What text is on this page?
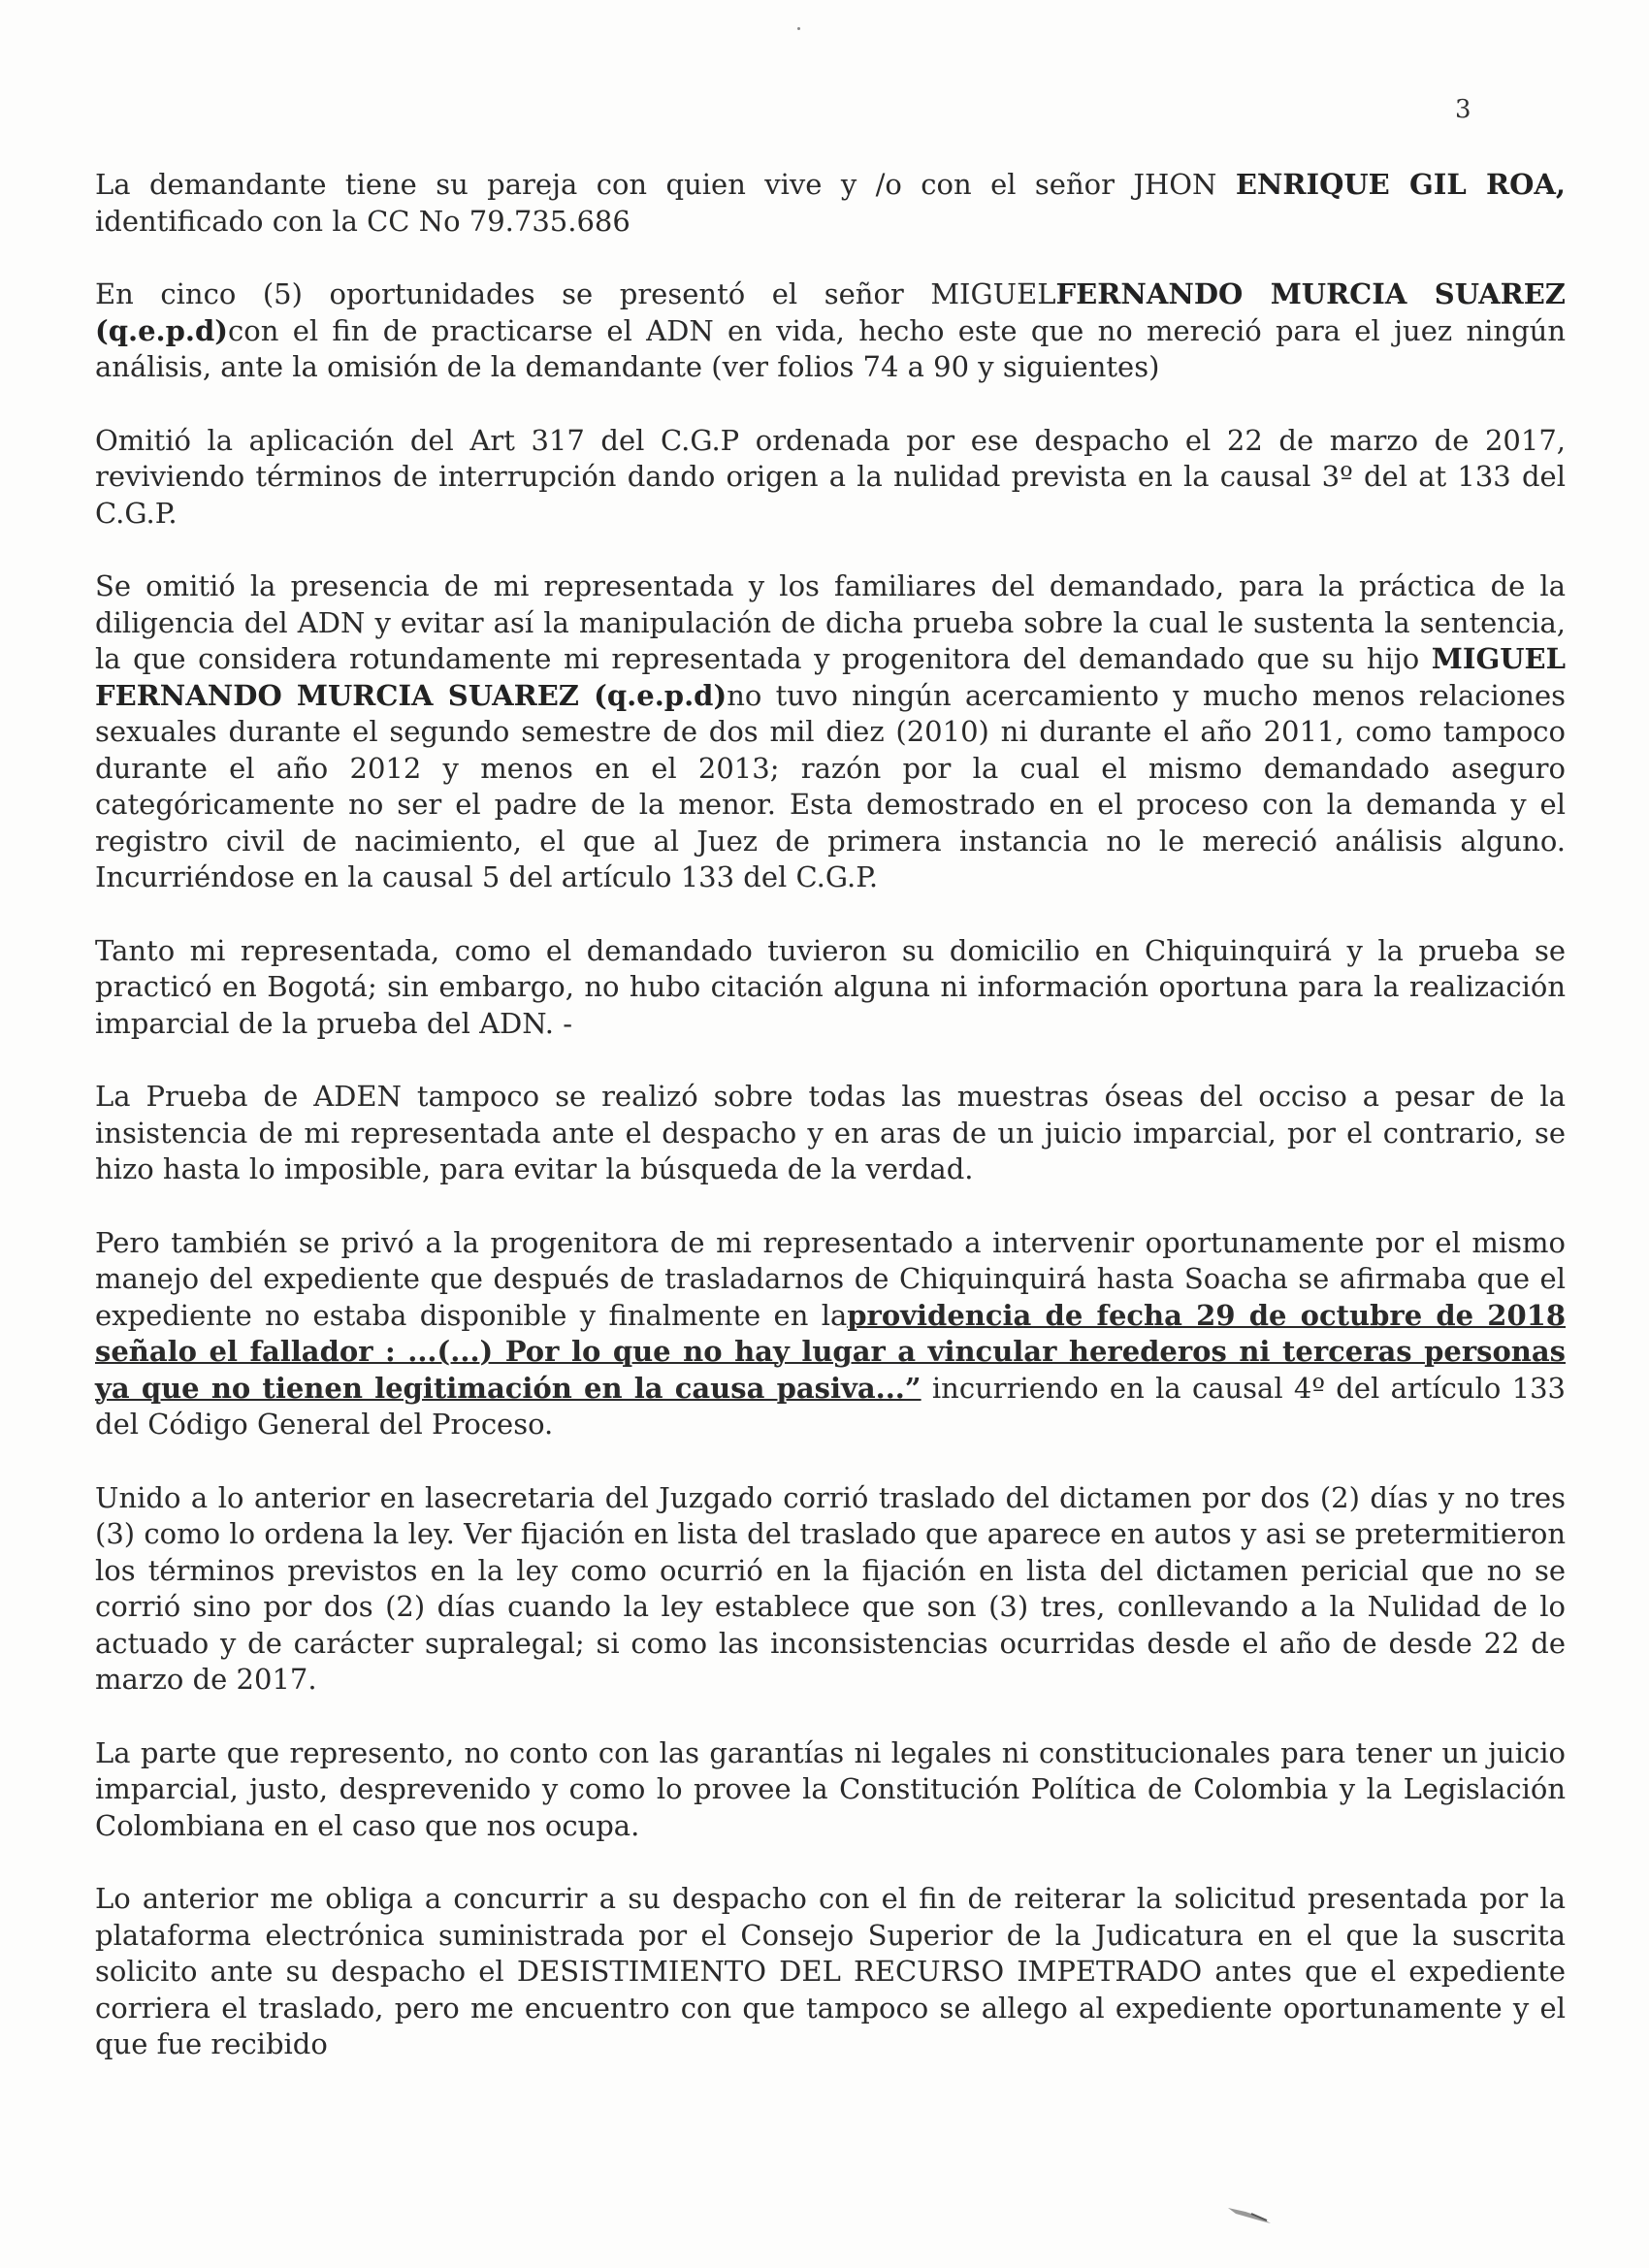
3

La demandante tiene su pareja con quien vive y /o con el señor JHON ENRIQUE GIL ROA, identificado con la CC No 79.735.686

En cinco (5) oportunidades se presentó el señor MIGUELFERNANDO MURCIA SUAREZ (q.e.p.d)con el fin de practicarse el ADN en vida, hecho este que no mereció para el juez ningún análisis, ante la omisión de la demandante (ver folios 74 a 90 y siguientes)

Omitió la aplicación del Art 317 del C.G.P ordenada por ese despacho el 22 de marzo de 2017, reviviendo términos de interrupción dando origen a la nulidad prevista en la causal 3º del at 133 del C.G.P.

Se omitió la presencia de mi representada y los familiares del demandado, para la práctica de la diligencia del ADN y evitar así la manipulación de dicha prueba sobre la cual le sustenta la sentencia, la que considera rotundamente mi representada y progenitora del demandado que su hijo MIGUEL FERNANDO MURCIA SUAREZ (q.e.p.d)no tuvo ningún acercamiento y mucho menos relaciones sexuales durante el segundo semestre de dos mil diez (2010) ni durante el año 2011, como tampoco durante el año 2012 y menos en el 2013; razón por la cual el mismo demandado aseguro categóricamente no ser el padre de la menor. Esta demostrado en el proceso con la demanda y el registro civil de nacimiento, el que al Juez de primera instancia no le mereció análisis alguno. Incurriéndose en la causal 5 del artículo 133 del C.G.P.

Tanto mi representada, como el demandado tuvieron su domicilio en Chiquinquirá y la prueba se practicó en Bogotá; sin embargo, no hubo citación alguna ni información oportuna para la realización imparcial de la prueba del ADN. -

La Prueba de ADEN tampoco se realizó sobre todas las muestras óseas del occiso a pesar de la insistencia de mi representada ante el despacho y en aras de un juicio imparcial, por el contrario, se hizo hasta lo imposible, para evitar la búsqueda de la verdad.

Pero también se privó a la progenitora de mi representado a intervenir oportunamente por el mismo manejo del expediente que después de trasladarnos de Chiquinquirá hasta Soacha se afirmaba que el expediente no estaba disponible y finalmente en laprovidencia de fecha 29 de octubre de 2018 señalo el fallador : ...(...) Por lo que no hay lugar a vincular herederos ni terceras personas ya que no tienen legitimación en la causa pasiva...” incurriendo en la causal 4º del artículo 133 del Código General del Proceso.

Unido a lo anterior en lasecretaria del Juzgado corrió traslado del dictamen por dos (2) días y no tres (3) como lo ordena la ley. Ver fijación en lista del traslado que aparece en autos y asi se pretermitieron los términos previstos en la ley como ocurrió en la fijación en lista del dictamen pericial que no se corrió sino por dos (2) días cuando la ley establece que son (3) tres, conllevando a la Nulidad de lo actuado y de carácter supralegal; si como las inconsistencias ocurridas desde el año de desde 22 de marzo de 2017.

La parte que represento, no conto con las garantías ni legales ni constitucionales para tener un juicio imparcial, justo, desprevenido y como lo provee la Constitución Política de Colombia y la Legislación Colombiana en el caso que nos ocupa.

Lo anterior me obliga a concurrir a su despacho con el fin de reiterar la solicitud presentada por la plataforma electrónica suministrada por el Consejo Superior de la Judicatura en el que la suscrita solicito ante su despacho el DESISTIMIENTO DEL RECURSO IMPETRADO antes que el expediente corriera el traslado, pero me encuentro con que tampoco se allego al expediente oportunamente y el que fue recibido
